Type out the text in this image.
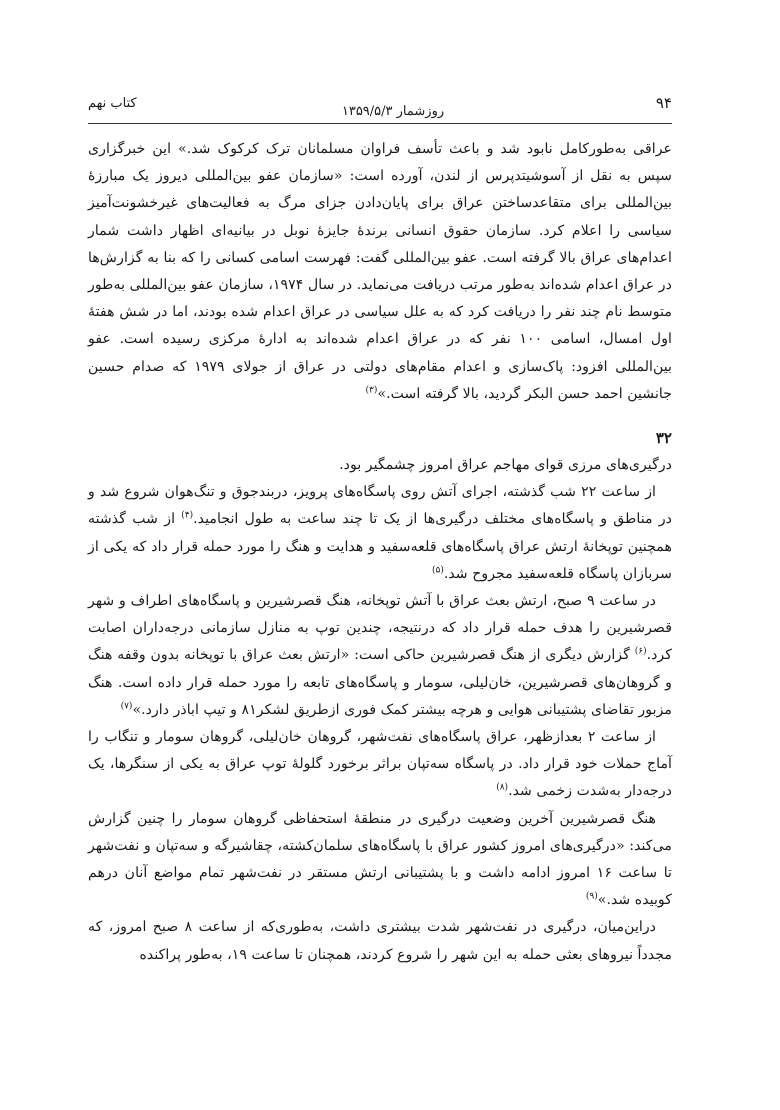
۹۴
روزشمار ۱۳۵۹/۵/۳
کتاب نهم

عراقی به‌طورکامل نابود شد و باعث تأسف فراوان مسلمانان ترک کرکوک شد.» این خبرگزاری سپس به نقل از آسوشیتدپرس از لندن، آورده است: «سازمان عفو بین‌المللی دیروز یک مبارزهٔ بین‌المللی برای متقاعدساختن عراق برای پایان‌دادن جزای مرگ به فعالیت‌های غیرخشونت‌آمیز سیاسی را اعلام کرد. سازمان حقوق انسانی برندهٔ جایزهٔ نوبل در بیانیه‌ای اظهار داشت شمار اعدام‌های عراق بالا گرفته است. عفو بین‌المللی گفت: فهرست اسامی کسانی را که بنا به گزارش‌ها در عراق اعدام شده‌اند به‌طور مرتب دریافت می‌نماید. در سال ۱۹۷۴، سازمان عفو بین‌المللی به‌طور متوسط نام چند نفر را دریافت کرد که به علل سیاسی در عراق اعدام شده بودند، اما در شش هفتهٔ اول امسال، اسامی ۱۰۰ نفر که در عراق اعدام شده‌اند به ادارهٔ مرکزی رسیده است. عفو بین‌المللی افزود: پاک‌سازی و اعدام مقام‌های دولتی در عراق از جولای ۱۹۷۹ که صدام حسین جانشین احمد حسن البکر گردید، بالا گرفته است.»$^{(۳)}$

۳۲

درگیری‌های مرزی قوای مهاجم عراق امروز چشمگیر بود.

از ساعت ۲۲ شب گذشته، اجرای آتش روی پاسگاه‌های پرویز، دربندجوق و تنگ‌هوان شروع شد و در مناطق و پاسگاه‌های مختلف درگیری‌ها از یک تا چند ساعت به طول انجامید.$^{(۴)}$ از شب گذشته همچنین توپخانهٔ ارتش عراق پاسگاه‌های قلعه‌سفید و هدایت و هنگ را مورد حمله قرار داد که یکی از سربازان پاسگاه قلعه‌سفید مجروح شد.$^{(۵)}$

در ساعت ۹ صبح، ارتش بعث عراق با آتش توپخانه، هنگ قصرشیرین و پاسگاه‌های اطراف و شهر قصرشیرین را هدف حمله قرار داد که درنتیجه، چندین توپ به منازل سازمانی درجه‌داران اصابت کرد.$^{(۶)}$ گزارش دیگری از هنگ قصرشیرین حاکی است: «ارتش بعث عراق با توپخانه بدون وقفه هنگ و گروهان‌های قصرشیرین، خان‌لیلی، سومار و پاسگاه‌های تابعه را مورد حمله قرار داده است. هنگ مزبور تقاضای پشتیبانی هوایی و هرچه بیشتر کمک فوری ازطریق لشکر۸۱ و تیپ اباذر دارد.»$^{(۷)}$

از ساعت ۲ بعدازظهر، عراق پاسگاه‌های نفت‌شهر، گروهان خان‌لیلی، گروهان سومار و تنگاب را آماج حملات خود قرار داد. در پاسگاه سه‌تپان براثر برخورد گلولهٔ توپ عراق به یکی از سنگرها، یک درجه‌دار به‌شدت زخمی شد.$^{(۸)}$

هنگ قصرشیرین آخرین وضعیت درگیری در منطقهٔ استحفاظی گروهان سومار را چنین گزارش می‌کند: «درگیری‌های امروز کشور عراق با پاسگاه‌های سلمان‌کشته، چقاشیرگه و سه‌تپان و نفت‌شهر تا ساعت ۱۶ امروز ادامه داشت و با پشتیبانی ارتش مستقر در نفت‌شهر تمام مواضع آنان درهم کوبیده شد.»$^{(۹)}$

دراین‌میان، درگیری در نفت‌شهر شدت بیشتری داشت، به‌طوری‌که از ساعت ۸ صبح امروز، که مجدداً نیروهای بعثی حمله به این شهر را شروع کردند، همچنان تا ساعت ۱۹، به‌طور پراکنده
